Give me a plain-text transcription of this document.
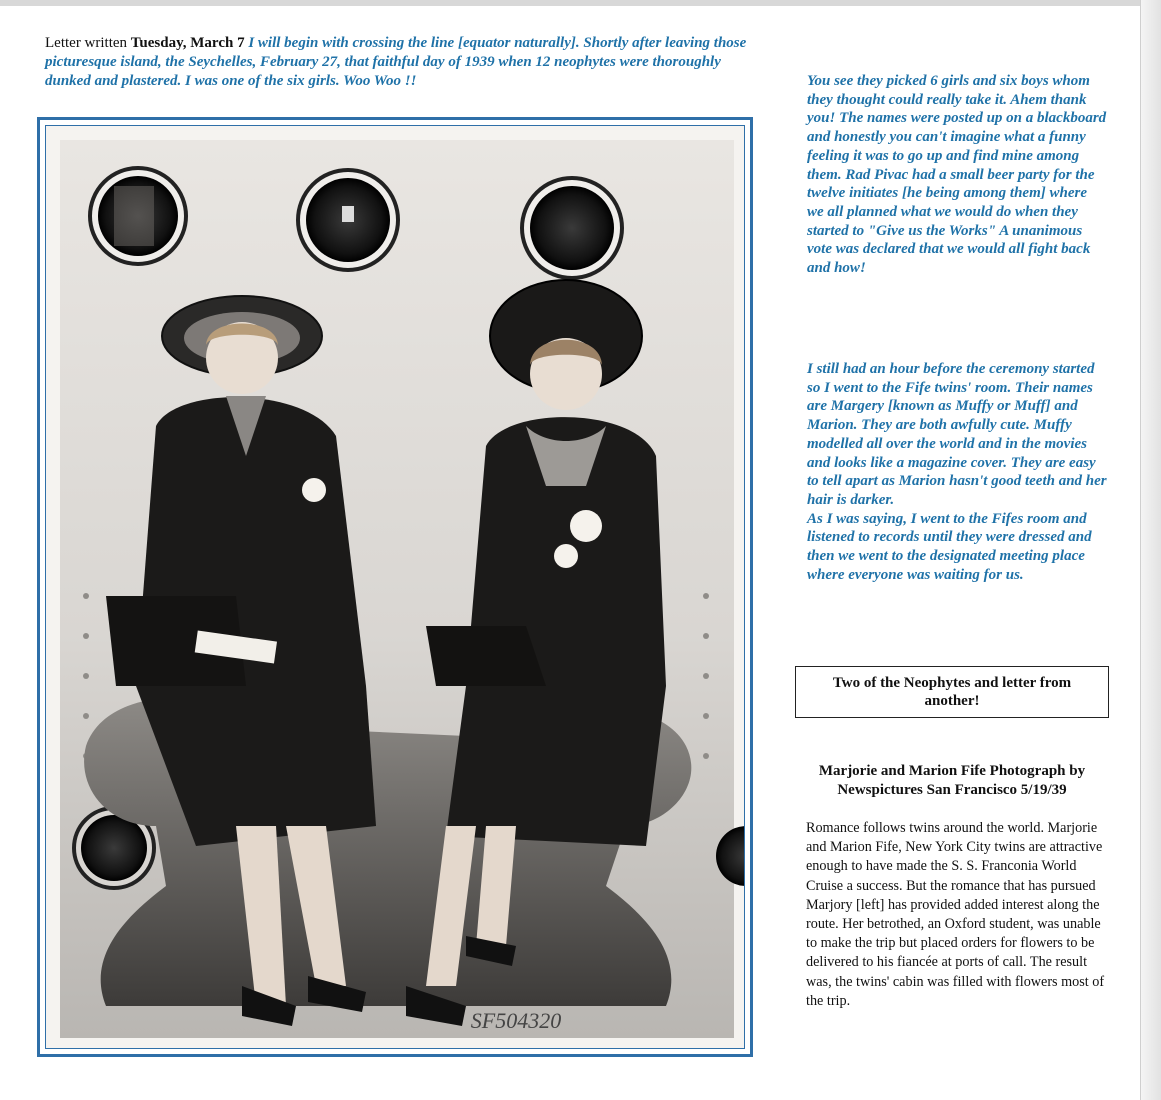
Letter written Tuesday, March 7 I will begin with crossing the line [equator naturally]. Shortly after leaving those picturesque island, the Seychelles, February 27, that faithful day of 1939 when 12 neophytes were thoroughly dunked and plastered. I was one of the six girls. Woo Woo !!	You see they picked 6 girls and six boys whom they thought could really take it. Ahem thank you! The names were posted up on a blackboard and honestly you can't imagine what a funny feeling it was to go up and find mine among them. Rad Pivac had a small beer party for the twelve initiates [he being among them] where we all planned what we would do when they started to "Give us the Works" A unanimous vote was declared that we would all fight back and how!

I still had an hour before the ceremony started so I went to the Fife twins' room. Their names are Margery [known as Muffy or Muff] and Marion. They are both awfully cute. Muffy modelled all over the world and in the movies and looks like a magazine cover. They are easy to tell apart as Marion hasn't good teeth and her hair is darker.

As I was saying, I went to the Fifes room and listened to records until they were dressed and then we went to the designated meeting place where everyone was waiting for us.

SF504320
Two of the Neophytes and letter from another!
Marjorie and Marion Fife Photograph by Newspictures San Francisco 5/19/39
Romance follows twins around the world. Marjorie and Marion Fife, New York City twins are attractive enough to have made the S. S. Franconia World Cruise a success. But the romance that has pursued Marjory [left] has provided added interest along the route. Her betrothed, an Oxford student, was unable to make the trip but placed orders for flowers to be delivered to his fiancée at ports of call. The result was, the twins' cabin was filled with flowers most of the trip.
